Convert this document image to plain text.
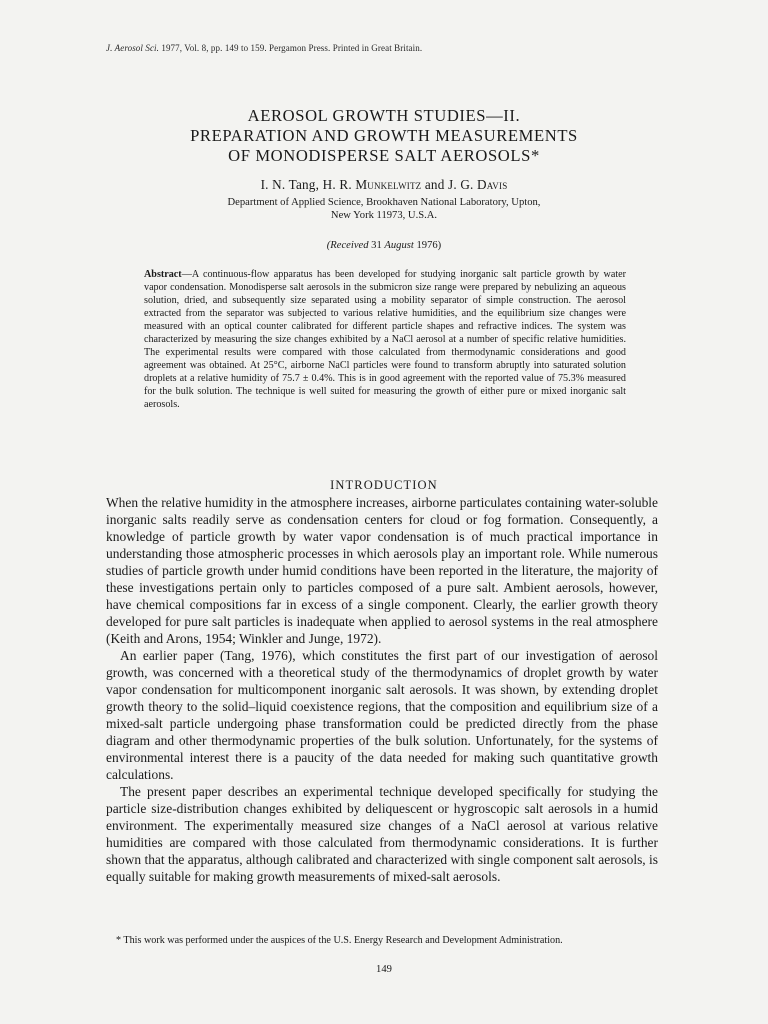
J. Aerosol Sci. 1977, Vol. 8, pp. 149 to 159. Pergamon Press. Printed in Great Britain.
AEROSOL GROWTH STUDIES—II.
PREPARATION AND GROWTH MEASUREMENTS
OF MONODISPERSE SALT AEROSOLS*
I. N. Tang, H. R. Munkelwitz and J. G. Davis
Department of Applied Science, Brookhaven National Laboratory, Upton,
New York 11973, U.S.A.
(Received 31 August 1976)
Abstract—A continuous-flow apparatus has been developed for studying inorganic salt particle growth by water vapor condensation. Monodisperse salt aerosols in the submicron size range were prepared by nebulizing an aqueous solution, dried, and subsequently size separated using a mobility separator of simple construction. The aerosol extracted from the separator was subjected to various relative humidities, and the equilibrium size changes were measured with an optical counter calibrated for different particle shapes and refractive indices. The system was characterized by measuring the size changes exhibited by a NaCl aerosol at a number of specific relative humidities. The experimental results were compared with those calculated from thermodynamic considerations and good agreement was obtained. At 25°C, airborne NaCl particles were found to transform abruptly into saturated solution droplets at a relative humidity of 75.7 ± 0.4%. This is in good agreement with the reported value of 75.3% measured for the bulk solution. The technique is well suited for measuring the growth of either pure or mixed inorganic salt aerosols.
INTRODUCTION

When the relative humidity in the atmosphere increases, airborne particulates containing water-soluble inorganic salts readily serve as condensation centers for cloud or fog formation. Consequently, a knowledge of particle growth by water vapor condensation is of much practical importance in understanding those atmospheric processes in which aerosols play an important role. While numerous studies of particle growth under humid conditions have been reported in the literature, the majority of these investigations pertain only to particles composed of a pure salt. Ambient aerosols, however, have chemical compositions far in excess of a single component. Clearly, the earlier growth theory developed for pure salt particles is inadequate when applied to aerosol systems in the real atmosphere (Keith and Arons, 1954; Winkler and Junge, 1972).

An earlier paper (Tang, 1976), which constitutes the first part of our investigation of aerosol growth, was concerned with a theoretical study of the thermodynamics of droplet growth by water vapor condensation for multicomponent inorganic salt aerosols. It was shown, by extending droplet growth theory to the solid–liquid coexistence regions, that the composition and equilibrium size of a mixed-salt particle undergoing phase transformation could be predicted directly from the phase diagram and other thermodynamic properties of the bulk solution. Unfortunately, for the systems of environmental interest there is a paucity of the data needed for making such quantitative growth calculations.

The present paper describes an experimental technique developed specifically for studying the particle size-distribution changes exhibited by deliquescent or hygroscopic salt aerosols in a humid environment. The experimentally measured size changes of a NaCl aerosol at various relative humidities are compared with those calculated from thermodynamic considerations. It is further shown that the apparatus, although calibrated and characterized with single component salt aerosols, is equally suitable for making growth measurements of mixed-salt aerosols.

* This work was performed under the auspices of the U.S. Energy Research and Development Administration.
149
